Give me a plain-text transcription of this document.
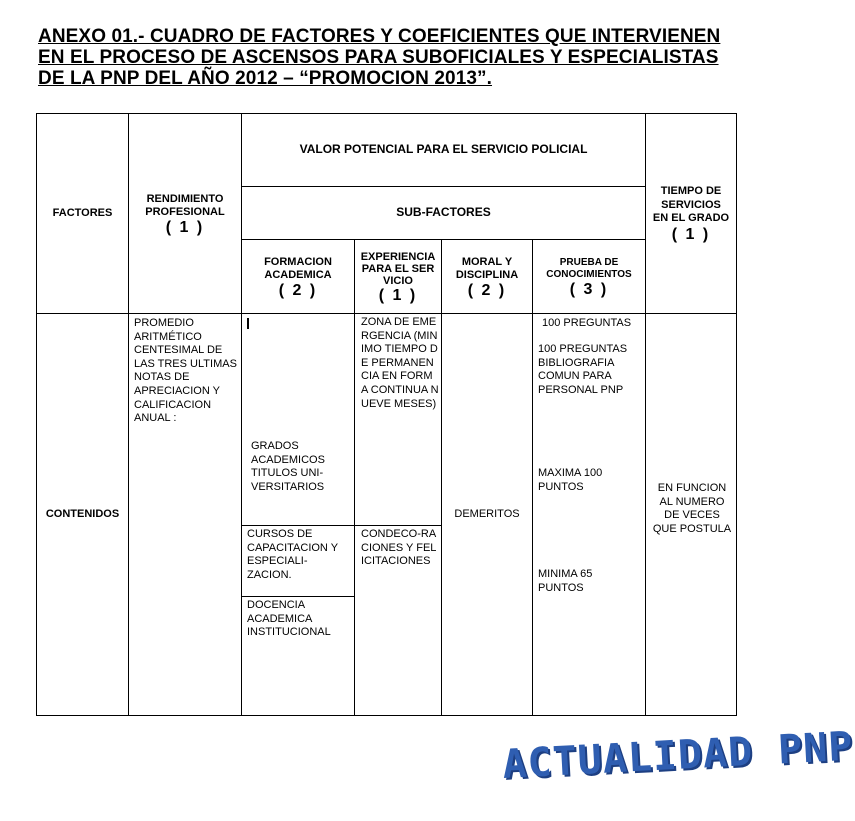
ANEXO 01.- CUADRO DE FACTORES Y COEFICIENTES QUE INTERVIENEN
EN EL PROCESO DE ASCENSOS PARA SUBOFICIALES Y ESPECIALISTAS
DE LA PNP DEL AÑO 2012 – “PROMOCION 2013”.
FACTORES
RENDIMIENTO PROFESIONAL
( 1 )
VALOR POTENCIAL PARA EL SERVICIO POLICIAL
SUB-FACTORES
FORMACION ACADEMICA
( 2 )
EXPERIENCIA PARA EL SERVICIO
( 1 )
MORAL Y DISCIPLINA
( 2 )
PRUEBA DE CONOCIMIENTOS
( 3 )
TIEMPO DE SERVICIOS EN EL GRADO
( 1 )
CONTENIDOS
PROMEDIO ARITMÉTICO CENTESIMAL DE LAS TRES ULTIMAS NOTAS DE APRECIACION Y CALIFICACION ANUAL :
GRADOS ACADEMICOS TITULOS UNI-VERSITARIOS
CURSOS DE CAPACITACION Y ESPECIALI-ZACION.
DOCENCIA ACADEMICA INSTITUCIONAL
ZONA DE EMERGENCIA (MINIMO TIEMPO DE PERMANENCIA EN FORMA CONTINUA NUEVE MESES)
CONDECO-RACIONES Y FELICITACIONES
DEMERITOS
100 PREGUNTAS
100 PREGUNTAS BIBLIOGRAFIA COMUN PARA PERSONAL PNP
MAXIMA 100 PUNTOS
MINIMA 65 PUNTOS
EN FUNCION AL NUMERO DE VECES QUE POSTULA
ACTUALIDAD PNP
